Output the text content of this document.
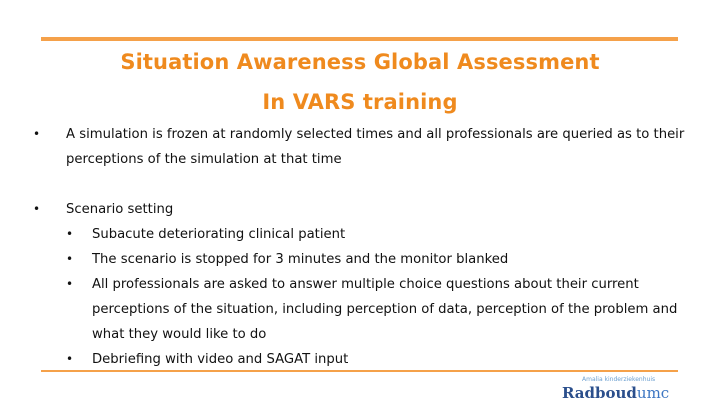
Situation Awareness Global Assessment
In VARS training
• A simulation is frozen at randomly selected times and all professionals are queried as to their
perceptions of the simulation at that time
• Scenario setting
• Subacute deteriorating clinical patient
• The scenario is stopped for 3 minutes and the monitor blanked
• All professionals are asked to answer multiple choice questions about their current
perceptions of the situation, including perception of data, perception of the problem and
what they would like to do
• Debriefing with video and SAGAT input
Amalia kinderziekenhuis
Radboudumc
